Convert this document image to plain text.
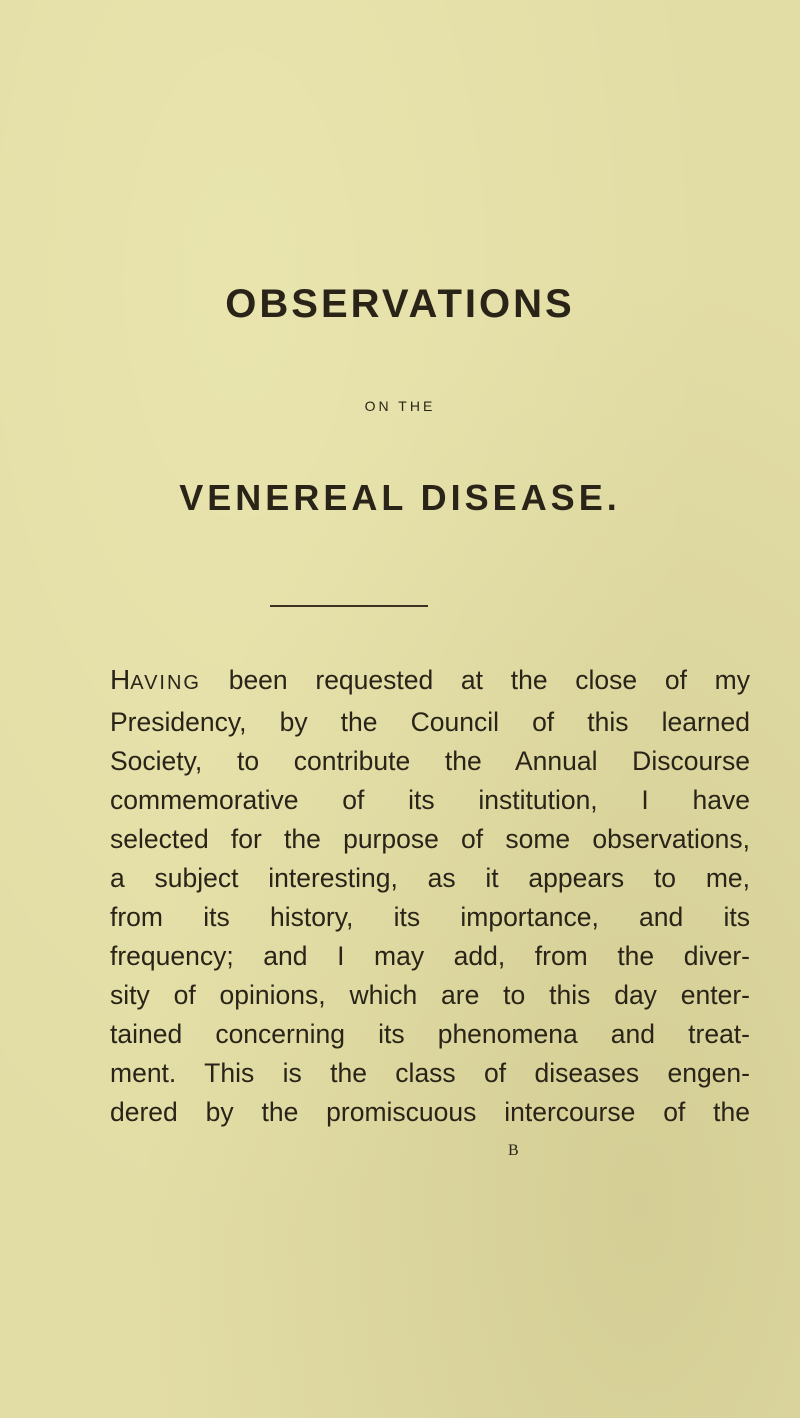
OBSERVATIONS

ON THE

VENEREAL DISEASE.
HAVING been requested at the close of my
Presidency, by the Council of this learned
Society, to contribute the Annual Discourse
commemorative of its institution, I have
selected for the purpose of some observations,
a subject interesting, as it appears to me,
from its history, its importance, and its
frequency; and I may add, from the diver-
sity of opinions, which are to this day enter-
tained concerning its phenomena and treat-
ment. This is the class of diseases engen-
dered by the promiscuous intercourse of the

B
